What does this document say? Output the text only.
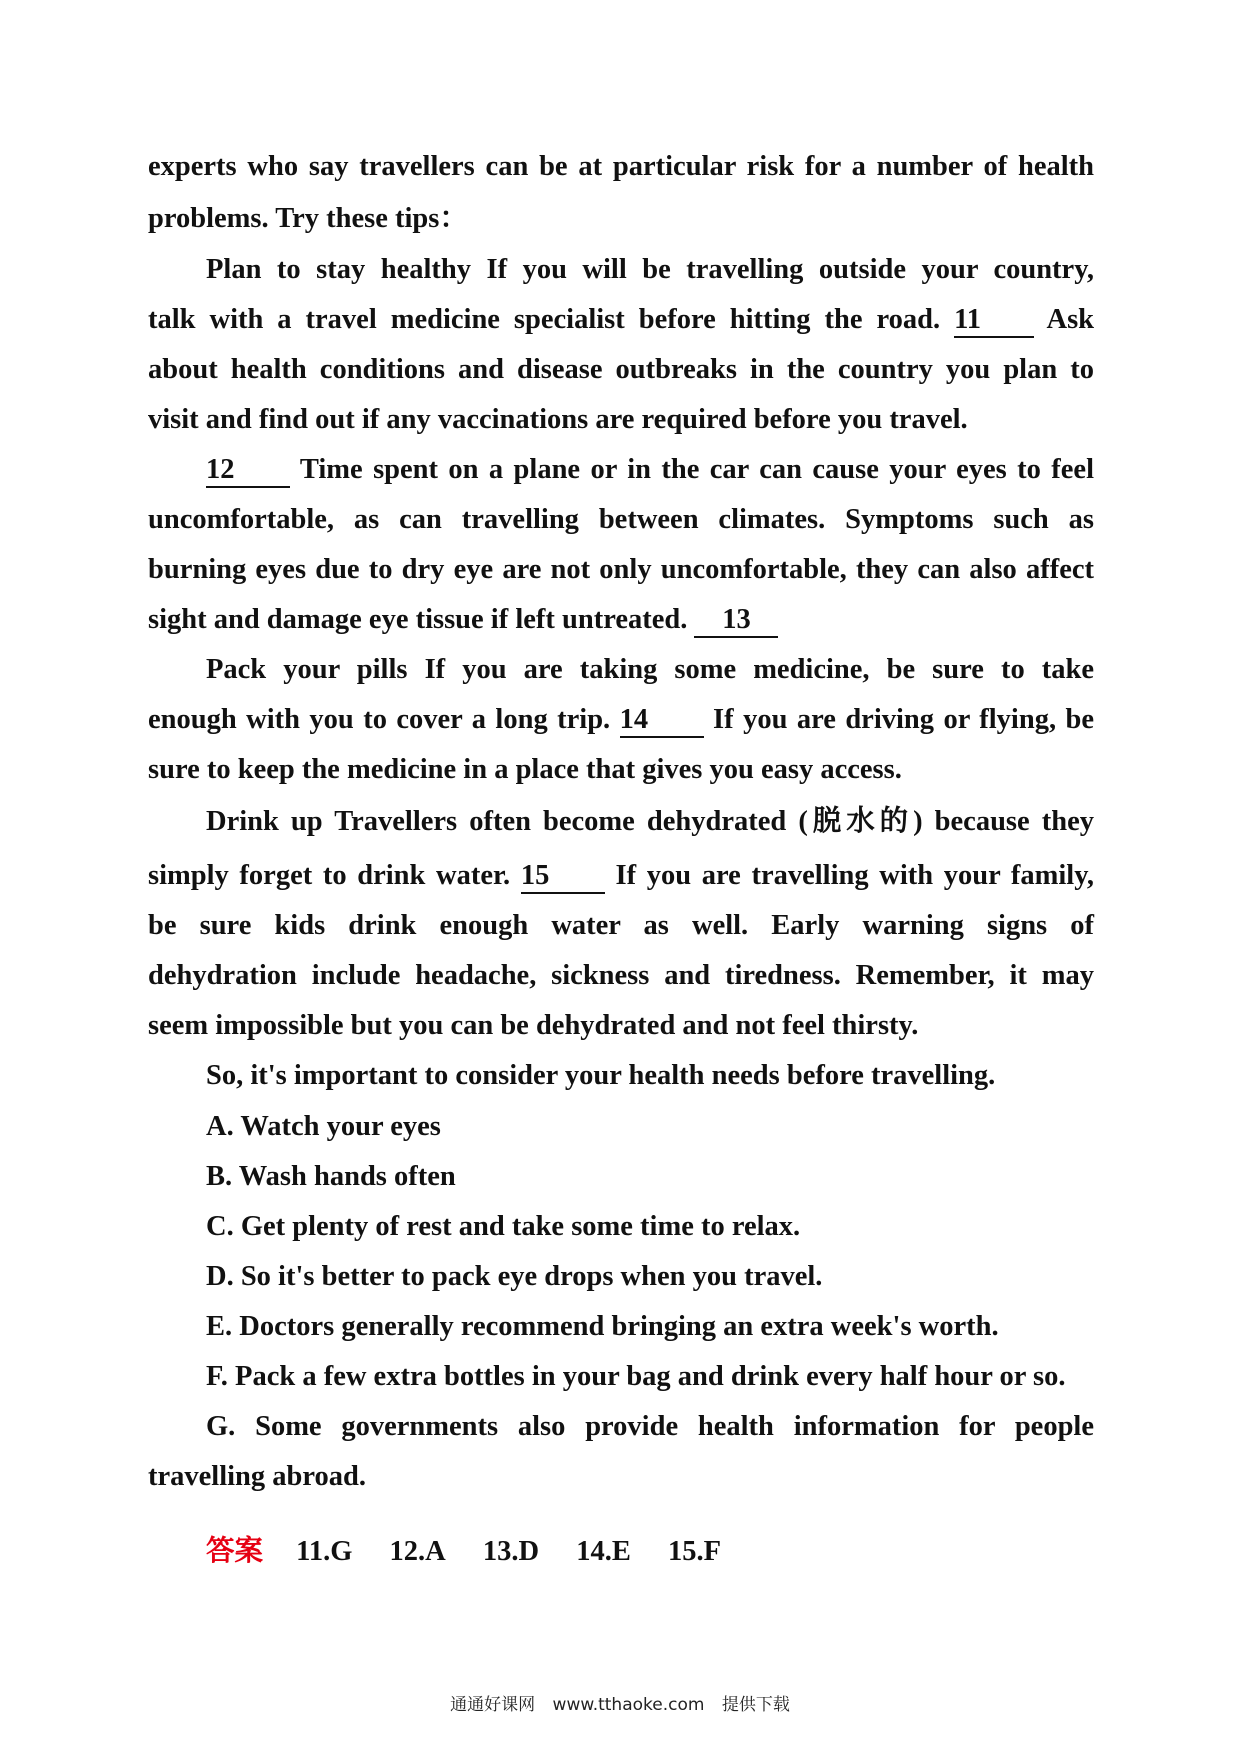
experts who say travellers can be at particular risk for a number of health
problems. Try these tips：
Plan to stay healthy If you will be travelling outside your country,
talk with a travel medicine specialist before hitting the road. 11 Ask
about health conditions and disease outbreaks in the country you plan to
visit and find out if any vaccinations are required before you travel.
12 Time spent on a plane or in the car can cause your eyes to feel
uncomfortable, as can travelling between climates. Symptoms such as
burning eyes due to dry eye are not only uncomfortable, they can also affect
sight and damage eye tissue if left untreated. 13
Pack your pills If you are taking some medicine, be sure to take
enough with you to cover a long trip. 14 If you are driving or flying, be
sure to keep the medicine in a place that gives you easy access.
Drink up Travellers often become dehydrated (脱水的) because they
simply forget to drink water. 15 If you are travelling with your family,
be sure kids drink enough water as well. Early warning signs of
dehydration include headache, sickness and tiredness. Remember, it may
seem impossible but you can be dehydrated and not feel thirsty.
So, it's important to consider your health needs before travelling.
A. Watch your eyes
B. Wash hands often
C. Get plenty of rest and take some time to relax.
D. So it's better to pack eye drops when you travel.
E. Doctors generally recommend bringing an extra week's worth.
F. Pack a few extra bottles in your bag and drink every half hour or so.
G. Some governments also provide health information for people
travelling abroad.
答案 11.G 12.A 13.D 14.E 15.F
通通好课网 www.tthaoke.com 提供下载
